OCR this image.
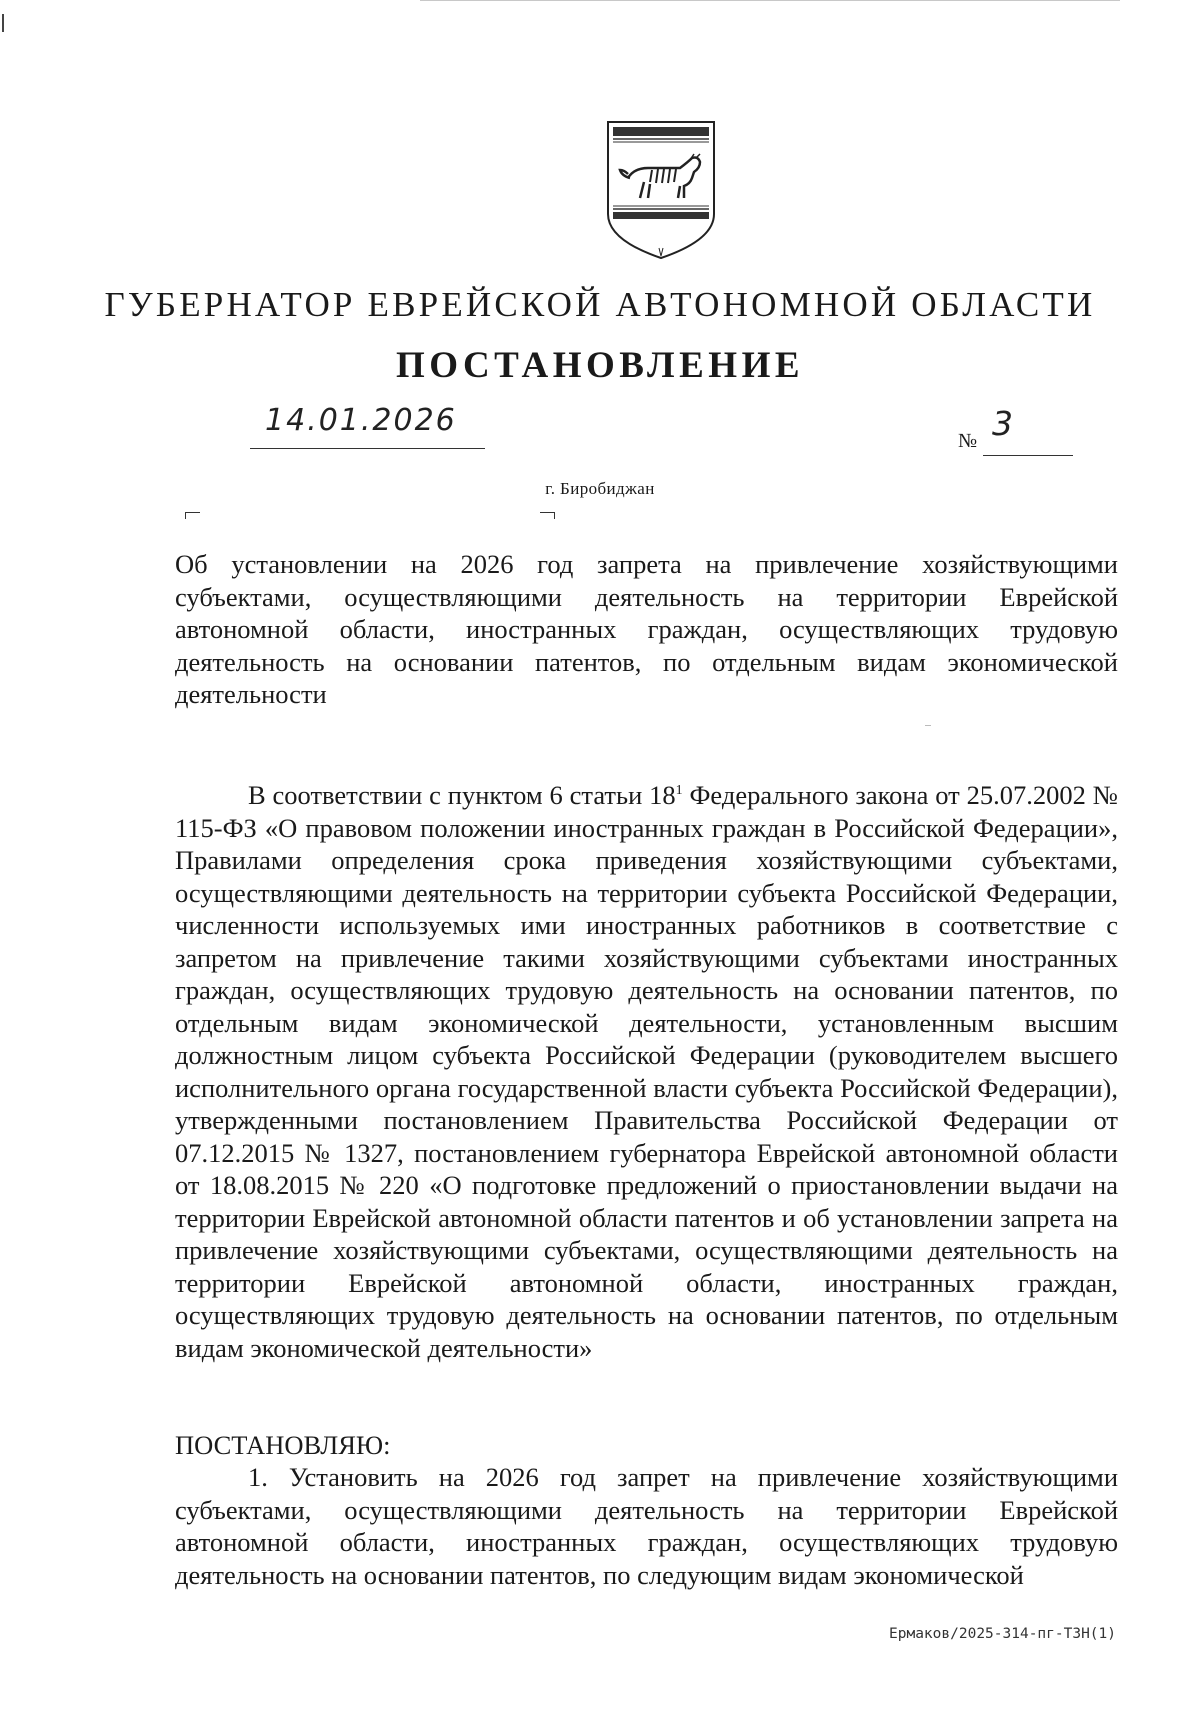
ГУБЕРНАТОР ЕВРЕЙСКОЙ АВТОНОМНОЙ ОБЛАСТИ
ПОСТАНОВЛЕНИЕ
14.01.2026
№ 3
г. Биробиджан
Об установлении на 2026 год запрета на привлечение хозяйствующими субъектами, осуществляющими деятельность на территории Еврейской автономной области, иностранных граждан, осуществляющих трудовую деятельность на основании патентов, по отдельным видам экономической деятельности
В соответствии с пунктом 6 статьи $18^1$ Федерального закона от 25.07.2002 № 115-ФЗ «О правовом положении иностранных граждан в Российской Федерации», Правилами определения срока приведения хозяйствующими субъектами, осуществляющими деятельность на территории субъекта Российской Федерации, численности используемых ими иностранных работников в соответствие с запретом на привлечение такими хозяйствующими субъектами иностранных граждан, осуществляющих трудовую деятельность на основании патентов, по отдельным видам экономической деятельности, установленным высшим должностным лицом субъекта Российской Федерации (руководителем высшего исполнительного органа государственной власти субъекта Российской Федерации), утвержденными постановлением Правительства Российской Федерации от 07.12.2015 № 1327, постановлением губернатора Еврейской автономной области от 18.08.2015 № 220 «О подготовке предложений о приостановлении выдачи на территории Еврейской автономной области патентов и об установлении запрета на привлечение хозяйствующими субъектами, осуществляющими деятельность на территории Еврейской автономной области, иностранных граждан, осуществляющих трудовую деятельность на основании патентов, по отдельным видам экономической деятельности»
ПОСТАНОВЛЯЮ:
1. Установить на 2026 год запрет на привлечение хозяйствующими субъектами, осуществляющими деятельность на территории Еврейской автономной области, иностранных граждан, осуществляющих трудовую деятельность на основании патентов, по следующим видам экономической
Ермаков/2025-314-пг-ТЗН(1)
